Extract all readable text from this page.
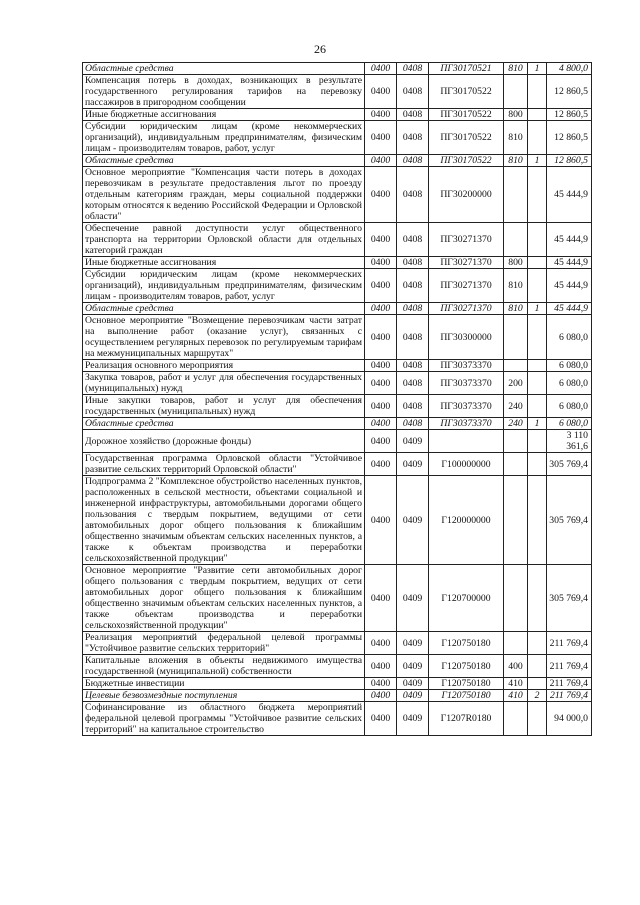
26
Областные средства	0400	0408	ПГ30170521	810	1	4 800,0
Компенсация потерь в доходах, возникающих в результате государственного регулирования тарифов на перевозку пассажиров в пригородном сообщении	0400	0408	ПГ30170522			12 860,5
Иные бюджетные ассигнования	0400	0408	ПГ30170522	800		12 860,5
Субсидии юридическим лицам (кроме некоммерческих организаций), индивидуальным предпринимателям, физическим лицам - производителям товаров, работ, услуг	0400	0408	ПГ30170522	810		12 860,5
Областные средства	0400	0408	ПГ30170522	810	1	12 860,5
Основное мероприятие "Компенсация части потерь в доходах перевозчикам в результате предоставления льгот по проезду отдельным категориям граждан, меры социальной поддержки которым относятся к ведению Российской Федерации и Орловской области"	0400	0408	ПГ30200000			45 444,9
Обеспечение равной доступности услуг общественного транспорта на территории Орловской области для отдельных категорий граждан	0400	0408	ПГ30271370			45 444,9
Иные бюджетные ассигнования	0400	0408	ПГ30271370	800		45 444,9
Субсидии юридическим лицам (кроме некоммерческих организаций), индивидуальным предпринимателям, физическим лицам - производителям товаров, работ, услуг	0400	0408	ПГ30271370	810		45 444,9
Областные средства	0400	0408	ПГ30271370	810	1	45 444,9
Основное мероприятие "Возмещение перевозчикам части затрат на выполнение работ (оказание услуг), связанных с осуществлением регулярных перевозок по регулируемым тарифам на межмуниципальных маршрутах"	0400	0408	ПГ30300000			6 080,0
Реализация основного мероприятия	0400	0408	ПГ30373370			6 080,0
Закупка товаров, работ и услуг для обеспечения государственных (муниципальных) нужд	0400	0408	ПГ30373370	200		6 080,0
Иные закупки товаров, работ и услуг для обеспечения государственных (муниципальных) нужд	0400	0408	ПГ30373370	240		6 080,0
Областные средства	0400	0408	ПГ30373370	240	1	6 080,0
Дорожное хозяйство (дорожные фонды)	0400	0409				3 110 361,6
Государственная программа Орловской области "Устойчивое развитие сельских территорий Орловской области"	0400	0409	Г100000000			305 769,4
Подпрограмма 2 "Комплексное обустройство населенных пунктов, расположенных в сельской местности, объектами социальной и инженерной инфраструктуры, автомобильными дорогами общего пользования с твердым покрытием, ведущими от сети автомобильных дорог общего пользования к ближайшим общественно значимым объектам сельских населенных пунктов, а также к объектам производства и переработки сельскохозяйственной продукции"	0400	0409	Г120000000			305 769,4
Основное мероприятие "Развитие сети автомобильных дорог общего пользования с твердым покрытием, ведущих от сети автомобильных дорог общего пользования к ближайшим общественно значимым объектам сельских населенных пунктов, а также объектам производства и переработки сельскохозяйственной продукции"	0400	0409	Г120700000			305 769,4
Реализация мероприятий федеральной целевой программы "Устойчивое развитие сельских территорий"	0400	0409	Г120750180			211 769,4
Капитальные вложения в объекты недвижимого имущества государственной (муниципальной) собственности	0400	0409	Г120750180	400		211 769,4
Бюджетные инвестиции	0400	0409	Г120750180	410		211 769,4
Целевые безвозмездные поступления	0400	0409	Г120750180	410	2	211 769,4
Софинансирование из областного бюджета мероприятий федеральной целевой программы "Устойчивое развитие сельских территорий" на капитальное строительство	0400	0409	Г1207R0180			94 000,0
